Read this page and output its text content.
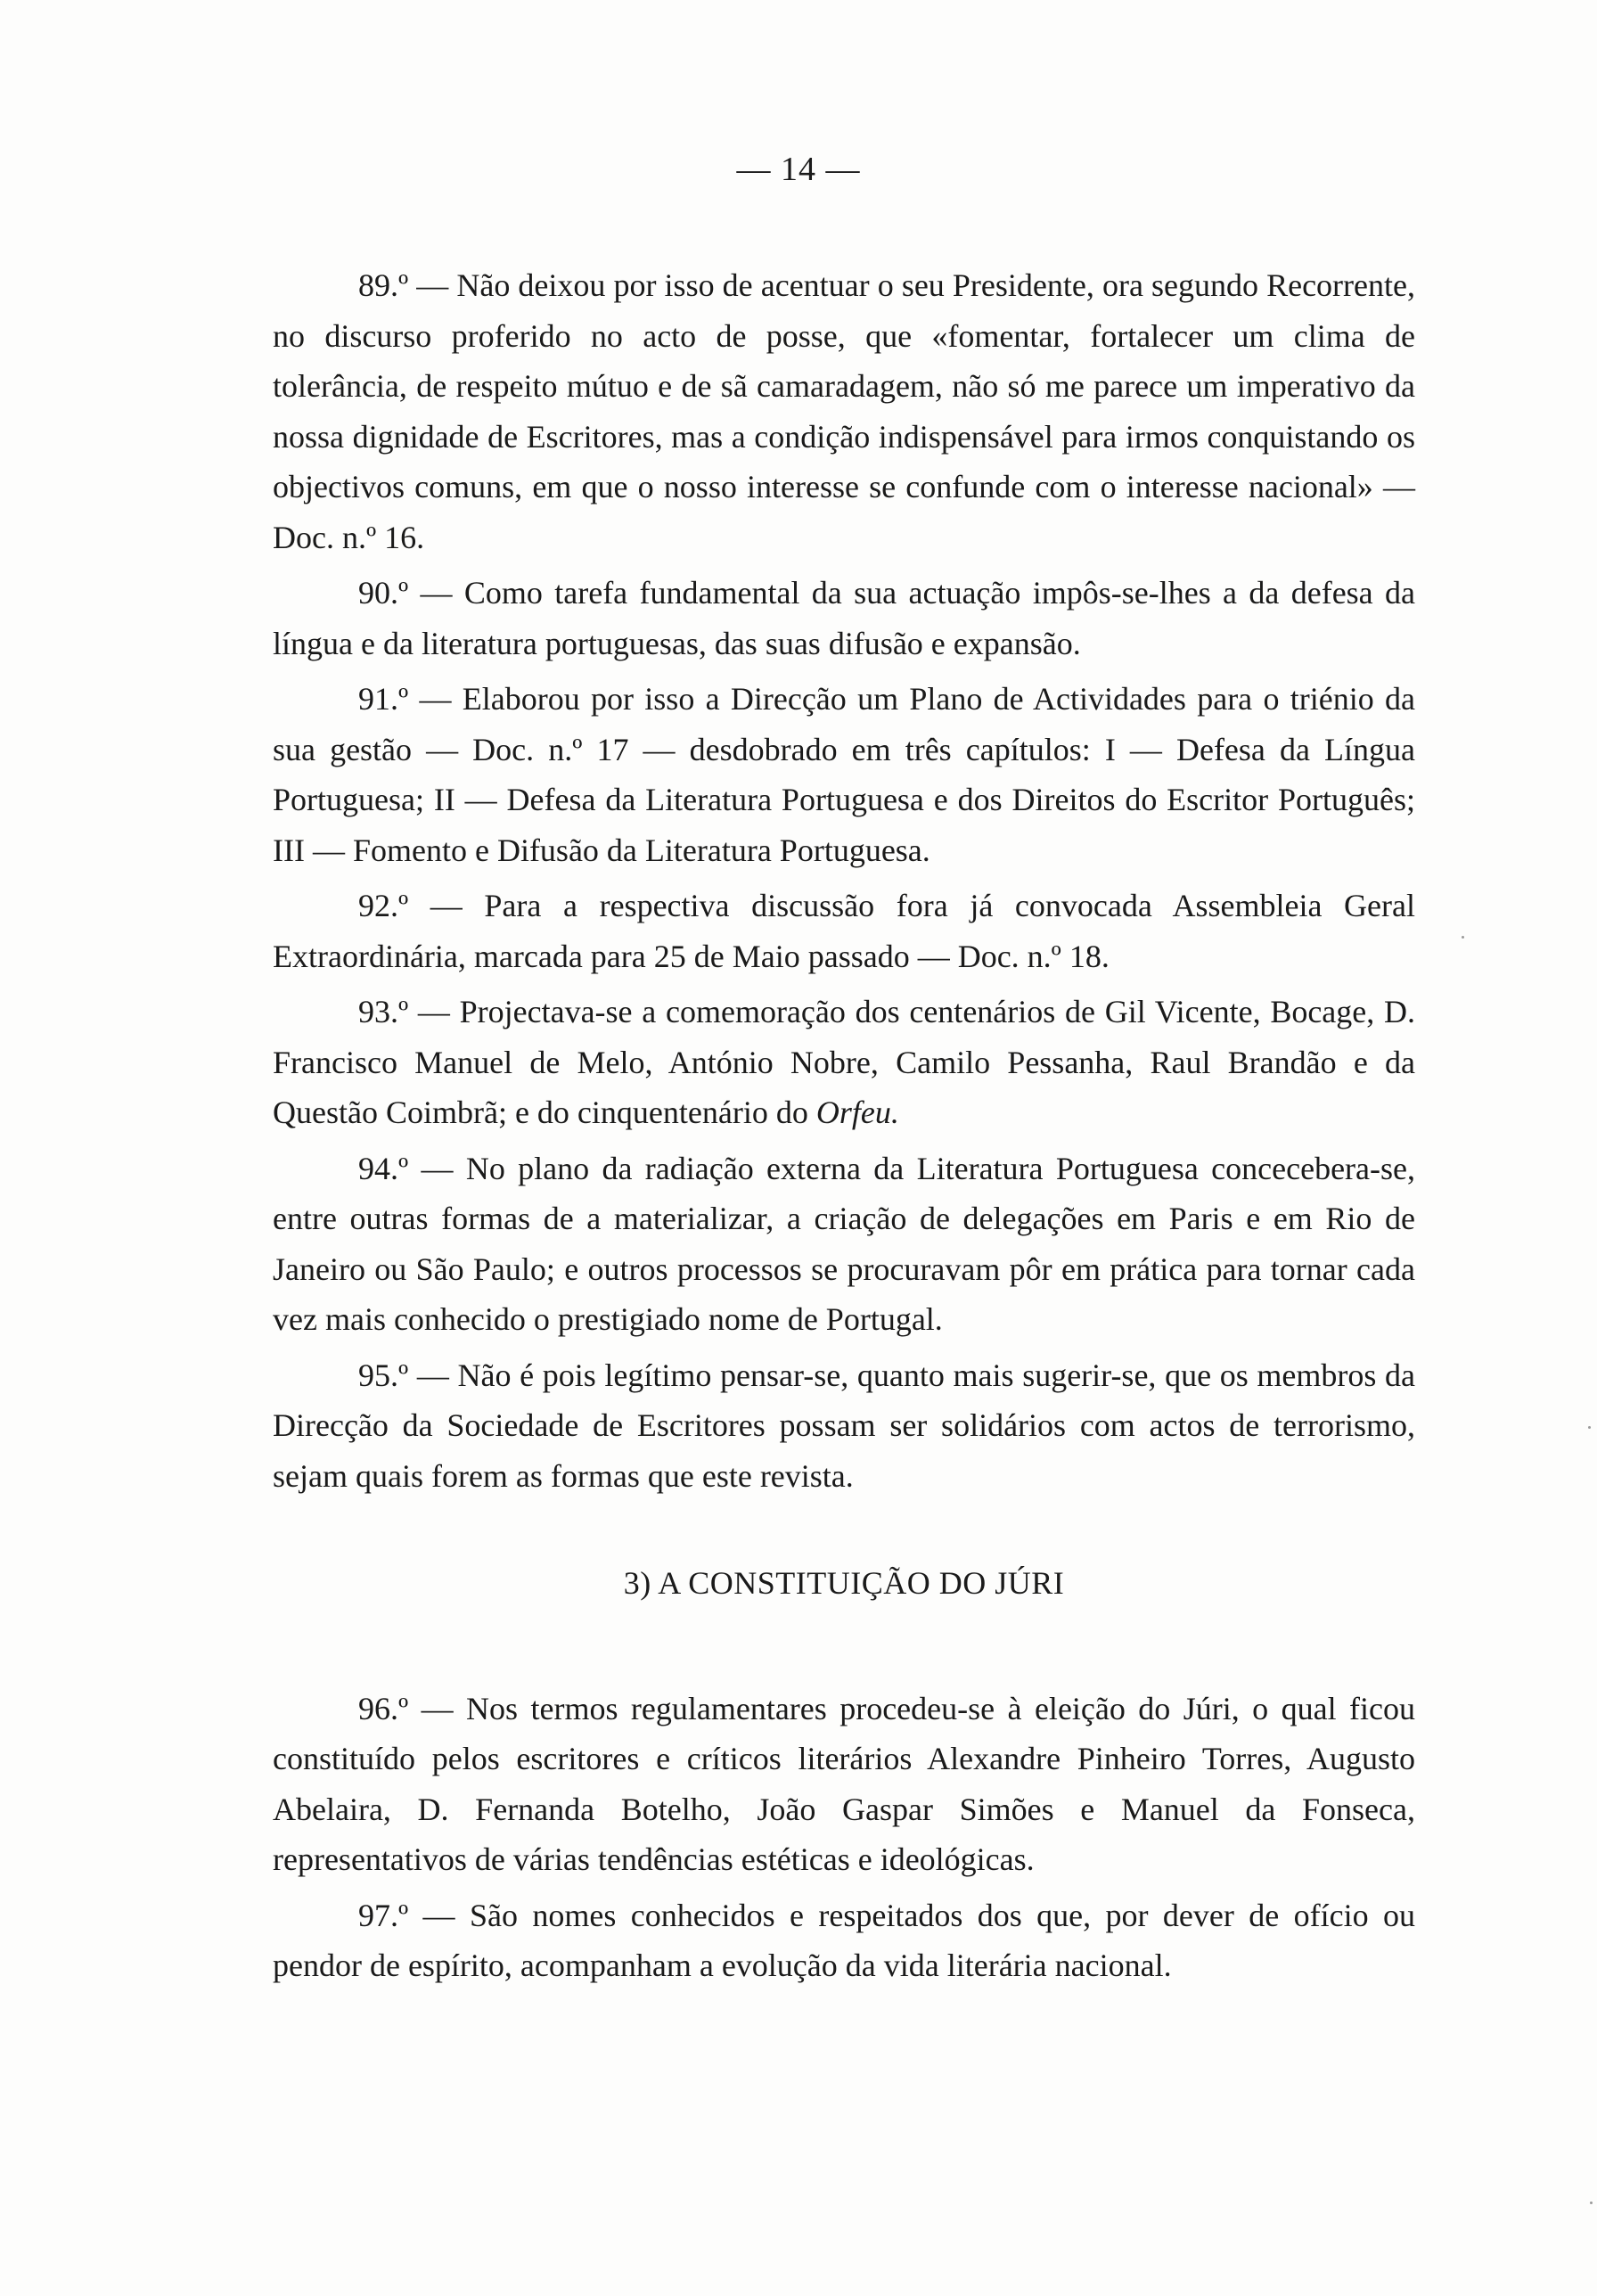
— 14 —

89.º — Não deixou por isso de acentuar o seu Presidente, ora segundo Recorrente, no discurso proferido no acto de posse, que «fomentar, fortalecer um clima de tolerância, de respeito mútuo e de sã camaradagem, não só me parece um imperativo da nossa dignidade de Escritores, mas a condição indispensável para irmos conquistando os objectivos comuns, em que o nosso interesse se confunde com o interesse nacional» — Doc. n.º 16.

90.º — Como tarefa fundamental da sua actuação impôs-se-lhes a da defesa da língua e da literatura portuguesas, das suas difusão e expansão.

91.º — Elaborou por isso a Direcção um Plano de Actividades para o triénio da sua gestão — Doc. n.º 17 — desdobrado em três capítulos: I — Defesa da Língua Portuguesa; II — Defesa da Literatura Portuguesa e dos Direitos do Escritor Português; III — Fomento e Difusão da Literatura Portuguesa.

92.º — Para a respectiva discussão fora já convocada Assembleia Geral Extraordinária, marcada para 25 de Maio passado — Doc. n.º 18.

93.º — Projectava-se a comemoração dos centenários de Gil Vicente, Bocage, D. Francisco Manuel de Melo, António Nobre, Camilo Pessanha, Raul Brandão e da Questão Coimbrã; e do cinquentenário do Orfeu.

94.º — No plano da radiação externa da Literatura Portuguesa concecebera-se, entre outras formas de a materializar, a criação de delegações em Paris e em Rio de Janeiro ou São Paulo; e outros processos se procuravam pôr em prática para tornar cada vez mais conhecido o prestigiado nome de Portugal.

95.º — Não é pois legítimo pensar-se, quanto mais sugerir-se, que os membros da Direcção da Sociedade de Escritores possam ser solidários com actos de terrorismo, sejam quais forem as formas que este revista.

3) A CONSTITUIÇÃO DO JÚRI

96.º — Nos termos regulamentares procedeu-se à eleição do Júri, o qual ficou constituído pelos escritores e críticos literários Alexandre Pinheiro Torres, Augusto Abelaira, D. Fernanda Botelho, João Gaspar Simões e Manuel da Fonseca, representativos de várias tendências estéticas e ideológicas.

97.º — São nomes conhecidos e respeitados dos que, por dever de ofício ou pendor de espírito, acompanham a evolução da vida literária nacional.
